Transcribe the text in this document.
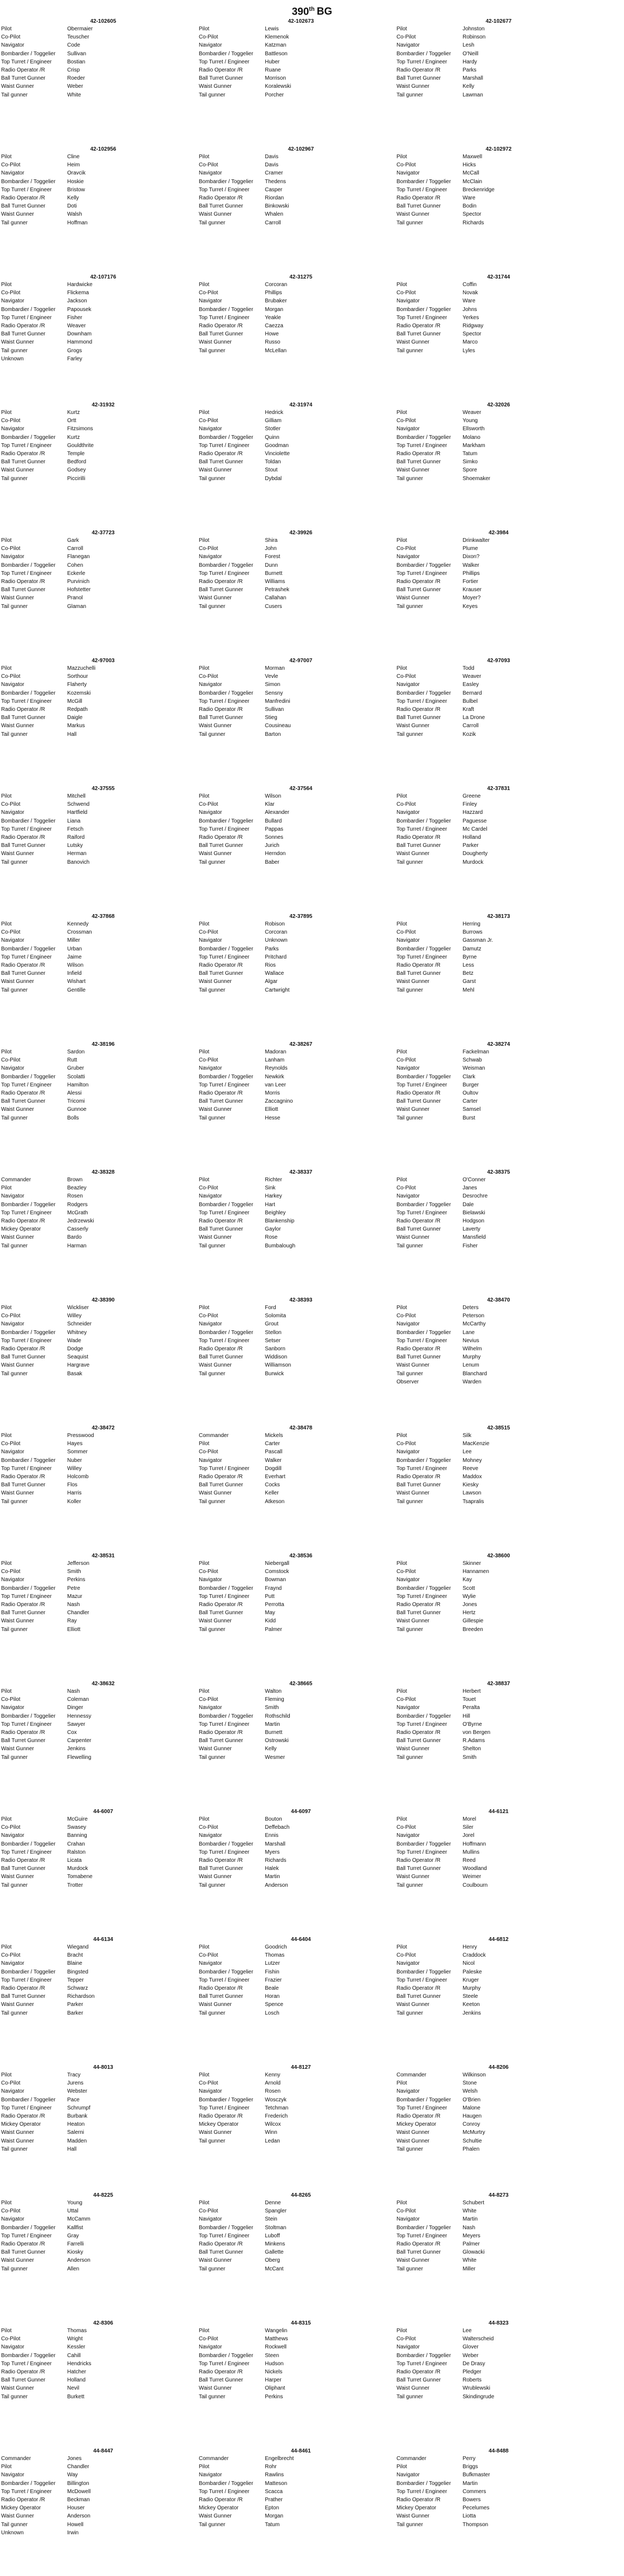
390th BG
42-102605
Pilot	Obermaier
Co-Pilot	Teuscher
Navigator	Code
Bombardier / Toggelier	Sullivan
Top Turret / Engineer	Bostian
Radio Operator /R	Crisp
Ball Turret Gunner	Roeder
Waist Gunner	Weber
Tail gunner	White
42-102673
Pilot	Lewis
Co-Pilot	Klemenok
Navigator	Katzman
Bombardier / Toggelier	Battleson
Top Turret / Engineer	Huber
Radio Operator /R	Ruane
Ball Turret Gunner	Morrison
Waist Gunner	Koralewski
Tail gunner	Porcher
42-102677
Pilot	Johnston
Co-Pilot	Robinson
Navigator	Lesh
Bombardier / Toggelier	O'Neill
Top Turret / Engineer	Hardy
Radio Operator /R	Parks
Ball Turret Gunner	Marshall
Waist Gunner	Kelly
Tail gunner	Lawman
42-102956
Pilot	Cline
Co-Pilot	Heim
Navigator	Oravcik
Bombardier / Toggelier	Hoskie
Top Turret / Engineer	Bristow
Radio Operator /R	Kelly
Ball Turret Gunner	Doti
Waist Gunner	Walsh
Tail gunner	Hoffman
42-102967
Pilot	Davis
Co-Pilot	Davis
Navigator	Cramer
Bombardier / Toggelier	Thedens
Top Turret / Engineer	Casper
Radio Operator /R	Riordan
Ball Turret Gunner	Binkowski
Waist Gunner	Whalen
Tail gunner	Carroll
42-102972
Pilot	Maxwell
Co-Pilot	Hicks
Navigator	McCall
Bombardier / Toggelier	McClain
Top Turret / Engineer	Breckenridge
Radio Operator /R	Ware
Ball Turret Gunner	Bodin
Waist Gunner	Spector
Tail gunner	Richards
42-107176
Pilot	Hardwicke
Co-Pilot	Flickema
Navigator	Jackson
Bombardier / Toggelier	Papousek
Top Turret / Engineer	Fisher
Radio Operator /R	Weaver
Ball Turret Gunner	Downham
Waist Gunner	Hammond
Tail gunner	Grogs
Unknown	Farley
42-31275
Pilot	Corcoran
Co-Pilot	Phillips
Navigator	Brubaker
Bombardier / Toggelier	Morgan
Top Turret / Engineer	Yeakle
Radio Operator /R	Caezza
Ball Turret Gunner	Howe
Waist Gunner	Russo
Tail gunner	McLellan
42-31744
Pilot	Coffin
Co-Pilot	Novak
Navigator	Ware
Bombardier / Toggelier	Johns
Top Turret / Engineer	Yerkes
Radio Operator /R	Ridgway
Ball Turret Gunner	Spector
Waist Gunner	Marco
Tail gunner	Lyles
42-31932
Pilot	Kurtz
Co-Pilot	Ortt
Navigator	Fitzsimons
Bombardier / Toggelier	Kurtz
Top Turret / Engineer	Gouldthrite
Radio Operator /R	Temple
Ball Turret Gunner	Bedford
Waist Gunner	Godsey
Tail gunner	Piccirilli
42-31974
Pilot	Hedrick
Co-Pilot	Gilliam
Navigator	Stotler
Bombardier / Toggelier	Quinn
Top Turret / Engineer	Goodman
Radio Operator /R	Vinciolette
Ball Turret Gunner	Toldan
Waist Gunner	Stout
Tail gunner	Dybdal
42-32026
Pilot	Weaver
Co-Pilot	Young
Navigator	Ellsworth
Bombardier / Toggelier	Molano
Top Turret / Engineer	Markham
Radio Operator /R	Tatum
Ball Turret Gunner	Simko
Waist Gunner	Spore
Tail gunner	Shoemaker
42-37723
Pilot	Gark
Co-Pilot	Carroll
Navigator	Flanegan
Bombardier / Toggelier	Cohen
Top Turret / Engineer	Eckerle
Radio Operator /R	Purvinich
Ball Turret Gunner	Hofstetter
Waist Gunner	Pranol
Tail gunner	Glaman
42-39926
Pilot	Shira
Co-Pilot	John
Navigator	Forest
Bombardier / Toggelier	Dunn
Top Turret / Engineer	Burnett
Radio Operator /R	Williams
Ball Turret Gunner	Petrashek
Waist Gunner	Callahan
Tail gunner	Cusers
42-3984
Pilot	Drinkwalter
Co-Pilot	Plume
Navigator	Dixon?
Bombardier / Toggelier	Walker
Top Turret / Engineer	Phillips
Radio Operator /R	Fortier
Ball Turret Gunner	Krauser
Waist Gunner	Moyer?
Tail gunner	Keyes
42-97003
Pilot	Mazzuchelli
Co-Pilot	Sorthour
Navigator	Flaherty
Bombardier / Toggelier	Kozemski
Top Turret / Engineer	McGill
Radio Operator /R	Redpath
Ball Turret Gunner	Daigle
Waist Gunner	Markus
Tail gunner	Hall
42-97007
Pilot	Morman
Co-Pilot	Vevle
Navigator	Simon
Bombardier / Toggelier	Sensny
Top Turret / Engineer	Manfredini
Radio Operator /R	Sullivan
Ball Turret Gunner	Stieg
Waist Gunner	Cousineau
Tail gunner	Barton
42-97093
Pilot	Todd
Co-Pilot	Weaver
Navigator	Easley
Bombardier / Toggelier	Bernard
Top Turret / Engineer	Bulbel
Radio Operator /R	Kraft
Ball Turret Gunner	La Drone
Waist Gunner	Carroll
Tail gunner	Kozik
42-37555
Pilot	Mitchell
Co-Pilot	Schwend
Navigator	Hartfield
Bombardier / Toggelier	Liana
Top Turret / Engineer	Fetsch
Radio Operator /R	Raiford
Ball Turret Gunner	Lutsky
Waist Gunner	Herman
Tail gunner	Banovich
42-37564
Pilot	Wilson
Co-Pilot	Klar
Navigator	Alexander
Bombardier / Toggelier	Bullard
Top Turret / Engineer	Pappas
Radio Operator /R	Sonnes
Ball Turret Gunner	Jurich
Waist Gunner	Herndon
Tail gunner	Baber
42-37831
Pilot	Greene
Co-Pilot	Finley
Navigator	Hazzard
Bombardier / Toggelier	Paguesse
Top Turret / Engineer	Mc Cardel
Radio Operator /R	Holland
Ball Turret Gunner	Parker
Waist Gunner	Dougherty
Tail gunner	Murdock
42-37868
Pilot	Kennedy
Co-Pilot	Crossman
Navigator	Miller
Bombardier / Toggelier	Urban
Top Turret / Engineer	Jaime
Radio Operator /R	Wilson
Ball Turret Gunner	Infield
Waist Gunner	Wishart
Tail gunner	Gentille
42-37895
Pilot	Robison
Co-Pilot	Corcoran
Navigator	Unknown
Bombardier / Toggelier	Parks
Top Turret / Engineer	Pritchard
Radio Operator /R	Rios
Ball Turret Gunner	Wallace
Waist Gunner	Algar
Tail gunner	Cartwright
42-38173
Pilot	Herring
Co-Pilot	Burrows
Navigator	Gassman Jr.
Bombardier / Toggelier	Damutz
Top Turret / Engineer	Byrne
Radio Operator /R	Less
Ball Turret Gunner	Betz
Waist Gunner	Garst
Tail gunner	Mehl
42-38196
Pilot	Sardon
Co-Pilot	Rutt
Navigator	Gruber
Bombardier / Toggelier	Scolatti
Top Turret / Engineer	Hamilton
Radio Operator /R	Alessi
Ball Turret Gunner	Tricomi
Waist Gunner	Gunnoe
Tail gunner	Bolls
42-38267
Pilot	Madoran
Co-Pilot	Lanham
Navigator	Reynolds
Bombardier / Toggelier	Newkirk
Top Turret / Engineer	van Leer
Radio Operator /R	Morris
Ball Turret Gunner	Zaccagnino
Waist Gunner	Elliott
Tail gunner	Hesse
42-38274
Pilot	Fackelman
Co-Pilot	Schwab
Navigator	Weisman
Bombardier / Toggelier	Clark
Top Turret / Engineer	Burger
Radio Operator /R	Oultov
Ball Turret Gunner	Carter
Waist Gunner	Samsel
Tail gunner	Burst
42-38328
Commander	Brown
Pilot	Beazley
Navigator	Rosen
Bombardier / Toggelier	Rodgers
Top Turret / Engineer	McGrath
Radio Operator /R	Jedrzewski
Mickey Operator	Casserly
Waist Gunner	Bardo
Tail gunner	Harman
42-38337
Pilot	Richter
Co-Pilot	Sink
Navigator	Harkey
Bombardier / Toggelier	Hart
Top Turret / Engineer	Beighley
Radio Operator /R	Blankenship
Ball Turret Gunner	Gaylor
Waist Gunner	Rose
Tail gunner	Bumbalough
42-38375
Pilot	O'Conner
Co-Pilot	Janes
Navigator	Desrochre
Bombardier / Toggelier	Dale
Top Turret / Engineer	Bielawski
Radio Operator /R	Hodgson
Ball Turret Gunner	Laverty
Waist Gunner	Mansfield
Tail gunner	Fisher
42-38390
Pilot	Wickliser
Co-Pilot	Willey
Navigator	Schneider
Bombardier / Toggelier	Whitney
Top Turret / Engineer	Wade
Radio Operator /R	Dodge
Ball Turret Gunner	Seaquist
Waist Gunner	Hargrave
Tail gunner	Basak
42-38393
Pilot	Ford
Co-Pilot	Solomita
Navigator	Grout
Bombardier / Toggelier	Stellon
Top Turret / Engineer	Setser
Radio Operator /R	Sanborn
Ball Turret Gunner	Widdison
Waist Gunner	Williamson
Tail gunner	Burwick
42-38470
Pilot	Deters
Co-Pilot	Peterson
Navigator	McCarthy
Bombardier / Toggelier	Lane
Top Turret / Engineer	Nevius
Radio Operator /R	Wilhelm
Ball Turret Gunner	Murphy
Waist Gunner	Lenum
Tail gunner	Blanchard
Observer	Warden
42-38472
Pilot	Presswood
Co-Pilot	Hayes
Navigator	Sommer
Bombardier / Toggelier	Nuber
Top Turret / Engineer	Willey
Radio Operator /R	Holcomb
Ball Turret Gunner	Flos
Waist Gunner	Harris
Tail gunner	Koller
42-38478
Commander	Mickels
Pilot	Carter
Co-Pilot	Pascall
Navigator	Walker
Top Turret / Engineer	Dogdill
Radio Operator /R	Everhart
Ball Turret Gunner	Cocks
Waist Gunner	Keller
Tail gunner	Atkeson
42-38515
Pilot	Silk
Co-Pilot	MacKenzie
Navigator	Lee
Bombardier / Toggelier	Mohney
Top Turret / Engineer	Reeve
Radio Operator /R	Maddox
Ball Turret Gunner	Kiesky
Waist Gunner	Lawson
Tail gunner	Tsapralis
42-38531
Pilot	Jefferson
Co-Pilot	Smith
Navigator	Perkins
Bombardier / Toggelier	Petre
Top Turret / Engineer	Mazur
Radio Operator /R	Nash
Ball Turret Gunner	Chandler
Waist Gunner	Ray
Tail gunner	Elliott
42-38536
Pilot	Niebergall
Co-Pilot	Comstock
Navigator	Bowman
Bombardier / Toggelier	Fraynd
Top Turret / Engineer	Putt
Radio Operator /R	Perrotta
Ball Turret Gunner	May
Waist Gunner	Kidd
Tail gunner	Palmer
42-38600
Pilot	Skinner
Co-Pilot	Hannamen
Navigator	Kay
Bombardier / Toggelier	Scott
Top Turret / Engineer	Wylie
Radio Operator /R	Jones
Ball Turret Gunner	Hertz
Waist Gunner	Gillespie
Tail gunner	Breeden
42-38632
Pilot	Nash
Co-Pilot	Coleman
Navigator	Dinger
Bombardier / Toggelier	Hennessy
Top Turret / Engineer	Sawyer
Radio Operator /R	Cox
Ball Turret Gunner	Carpenter
Waist Gunner	Jenkins
Tail gunner	Flewelling
42-38665
Pilot	Walton
Co-Pilot	Fleming
Navigator	Smith
Bombardier / Toggelier	Rothschild
Top Turret / Engineer	Martin
Radio Operator /R	Burnett
Ball Turret Gunner	Ostrowski
Waist Gunner	Kelly
Tail gunner	Wesmer
42-38837
Pilot	Herbert
Co-Pilot	Touet
Navigator	Peralta
Bombardier / Toggelier	Hill
Top Turret / Engineer	O'Byrne
Radio Operator /R	von Bergen
Ball Turret Gunner	R.Adams
Waist Gunner	Shelton
Tail gunner	Smith
44-6007
Pilot	McGuire
Co-Pilot	Swasey
Navigator	Banning
Bombardier / Toggelier	Crahan
Top Turret / Engineer	Ralston
Radio Operator /R	Licata
Ball Turret Gunner	Murdock
Waist Gunner	Tomabene
Tail gunner	Trotter
44-6097
Pilot	Bouton
Co-Pilot	Deffebach
Navigator	Ennis
Bombardier / Toggelier	Marshall
Top Turret / Engineer	Myers
Radio Operator /R	Richards
Ball Turret Gunner	Halek
Waist Gunner	Martin
Tail gunner	Anderson
44-6121
Pilot	Morel
Co-Pilot	Siler
Navigator	Jorel
Bombardier / Toggelier	Hoffmann
Top Turret / Engineer	Mullins
Radio Operator /R	Reed
Ball Turret Gunner	Woodland
Waist Gunner	Weimer
Tail gunner	Coulbourn
44-6134
Pilot	Wiegand
Co-Pilot	Bracht
Navigator	Blaine
Bombardier / Toggelier	Bingsted
Top Turret / Engineer	Tepper
Radio Operator /R	Schwarz
Ball Turret Gunner	Richardson
Waist Gunner	Parker
Tail gunner	Barker
44-6404
Pilot	Goodrich
Co-Pilot	Thomas
Navigator	Lutzer
Bombardier / Toggelier	Fishin
Top Turret / Engineer	Frazier
Radio Operator /R	Beale
Ball Turret Gunner	Horan
Waist Gunner	Spence
Tail gunner	Losch
44-6812
Pilot	Henry
Co-Pilot	Craddock
Navigator	Nicol
Bombardier / Toggelier	Paleske
Top Turret / Engineer	Kruger
Radio Operator /R	Murphy
Ball Turret Gunner	Steele
Waist Gunner	Keeton
Tail gunner	Jenkins
44-8013
Pilot	Tracy
Co-Pilot	Jurens
Navigator	Webster
Bombardier / Toggelier	Pace
Top Turret / Engineer	Schrumpf
Radio Operator /R	Burbank
Mickey Operator	Heaton
Waist Gunner	Salerni
Waist Gunner	Madden
Tail gunner	Hall
44-8127
Pilot	Kenny
Co-Pilot	Arnold
Navigator	Rosen
Bombardier / Toggelier	Wosczyk
Top Turret / Engineer	Tetchman
Radio Operator /R	Frederich
Mickey Operator	Wilcox
Waist Gunner	Winn
Tail gunner	Ledan
44-8206
Commander	Wilkinson
Pilot	Stone
Navigator	Welsh
Bombardier / Toggelier	O'Brien
Top Turret / Engineer	Malone
Radio Operator /R	Haugen
Mickey Operator	Conroy
Waist Gunner	McMurtry
Waist Gunner	Schultie
Tail gunner	Phalen
44-8225
Pilot	Young
Co-Pilot	Uttal
Navigator	McCamm
Bombardier / Toggelier	Kallfist
Top Turret / Engineer	Gray
Radio Operator /R	Farrelli
Ball Turret Gunner	Kiosky
Waist Gunner	Anderson
Tail gunner	Allen
44-8265
Pilot	Denne
Co-Pilot	Spangler
Navigator	Stein
Bombardier / Toggelier	Stoltman
Top Turret / Engineer	Luboff
Radio Operator /R	Minkens
Ball Turret Gunner	Gallette
Waist Gunner	Oberg
Tail gunner	McCant
44-8273
Pilot	Schubert
Co-Pilot	White
Navigator	Martin
Bombardier / Toggelier	Nash
Top Turret / Engineer	Meyers
Radio Operator /R	Palmer
Ball Turret Gunner	Glowacki
Waist Gunner	White
Tail gunner	Miller
42-8306
Pilot	Thomas
Co-Pilot	Wright
Navigator	Kessler
Bombardier / Toggelier	Cahill
Top Turret / Engineer	Hendricks
Radio Operator /R	Hatcher
Ball Turret Gunner	Holland
Waist Gunner	Nevil
Tail gunner	Burkett
44-8315
Pilot	Wangelin
Co-Pilot	Matthews
Navigator	Rockwell
Bombardier / Toggelier	Steen
Top Turret / Engineer	Hudson
Radio Operator /R	Nickels
Ball Turret Gunner	Harper
Waist Gunner	Oliphant
Tail gunner	Perkins
44-8323
Pilot	Lee
Co-Pilot	Walterscheid
Navigator	Glover
Bombardier / Toggelier	Weber
Top Turret / Engineer	De Drasy
Radio Operator /R	Pledger
Ball Turret Gunner	Roberts
Waist Gunner	Wrublewski
Tail gunner	Skindingrude
44-8447
Commander	Jones
Pilot	Chandler
Navigator	Way
Bombardier / Toggelier	Billington
Top Turret / Engineer	McDowell
Radio Operator /R	Beckman
Mickey Operator	Houser
Waist Gunner	Anderson
Tail gunner	Howell
Unknown	Irwin
44-8461
Commander	Engelbrecht
Pilot	Rohr
Navigator	Rawlins
Bombardier / Toggelier	Matteson
Top Turret / Engineer	Scacca
Radio Operator /R	Prather
Mickey Operator	Epton
Waist Gunner	Morgan
Tail gunner	Tatum
44-8488
Commander	Perry
Pilot	Briggs
Navigator	Bufkmaster
Bombardier / Toggelier	Martin
Top Turret / Engineer	Commers
Radio Operator /R	Bowers
Mickey Operator	Pecelumes
Waist Gunner	Liotta
Tail gunner	Thompson
